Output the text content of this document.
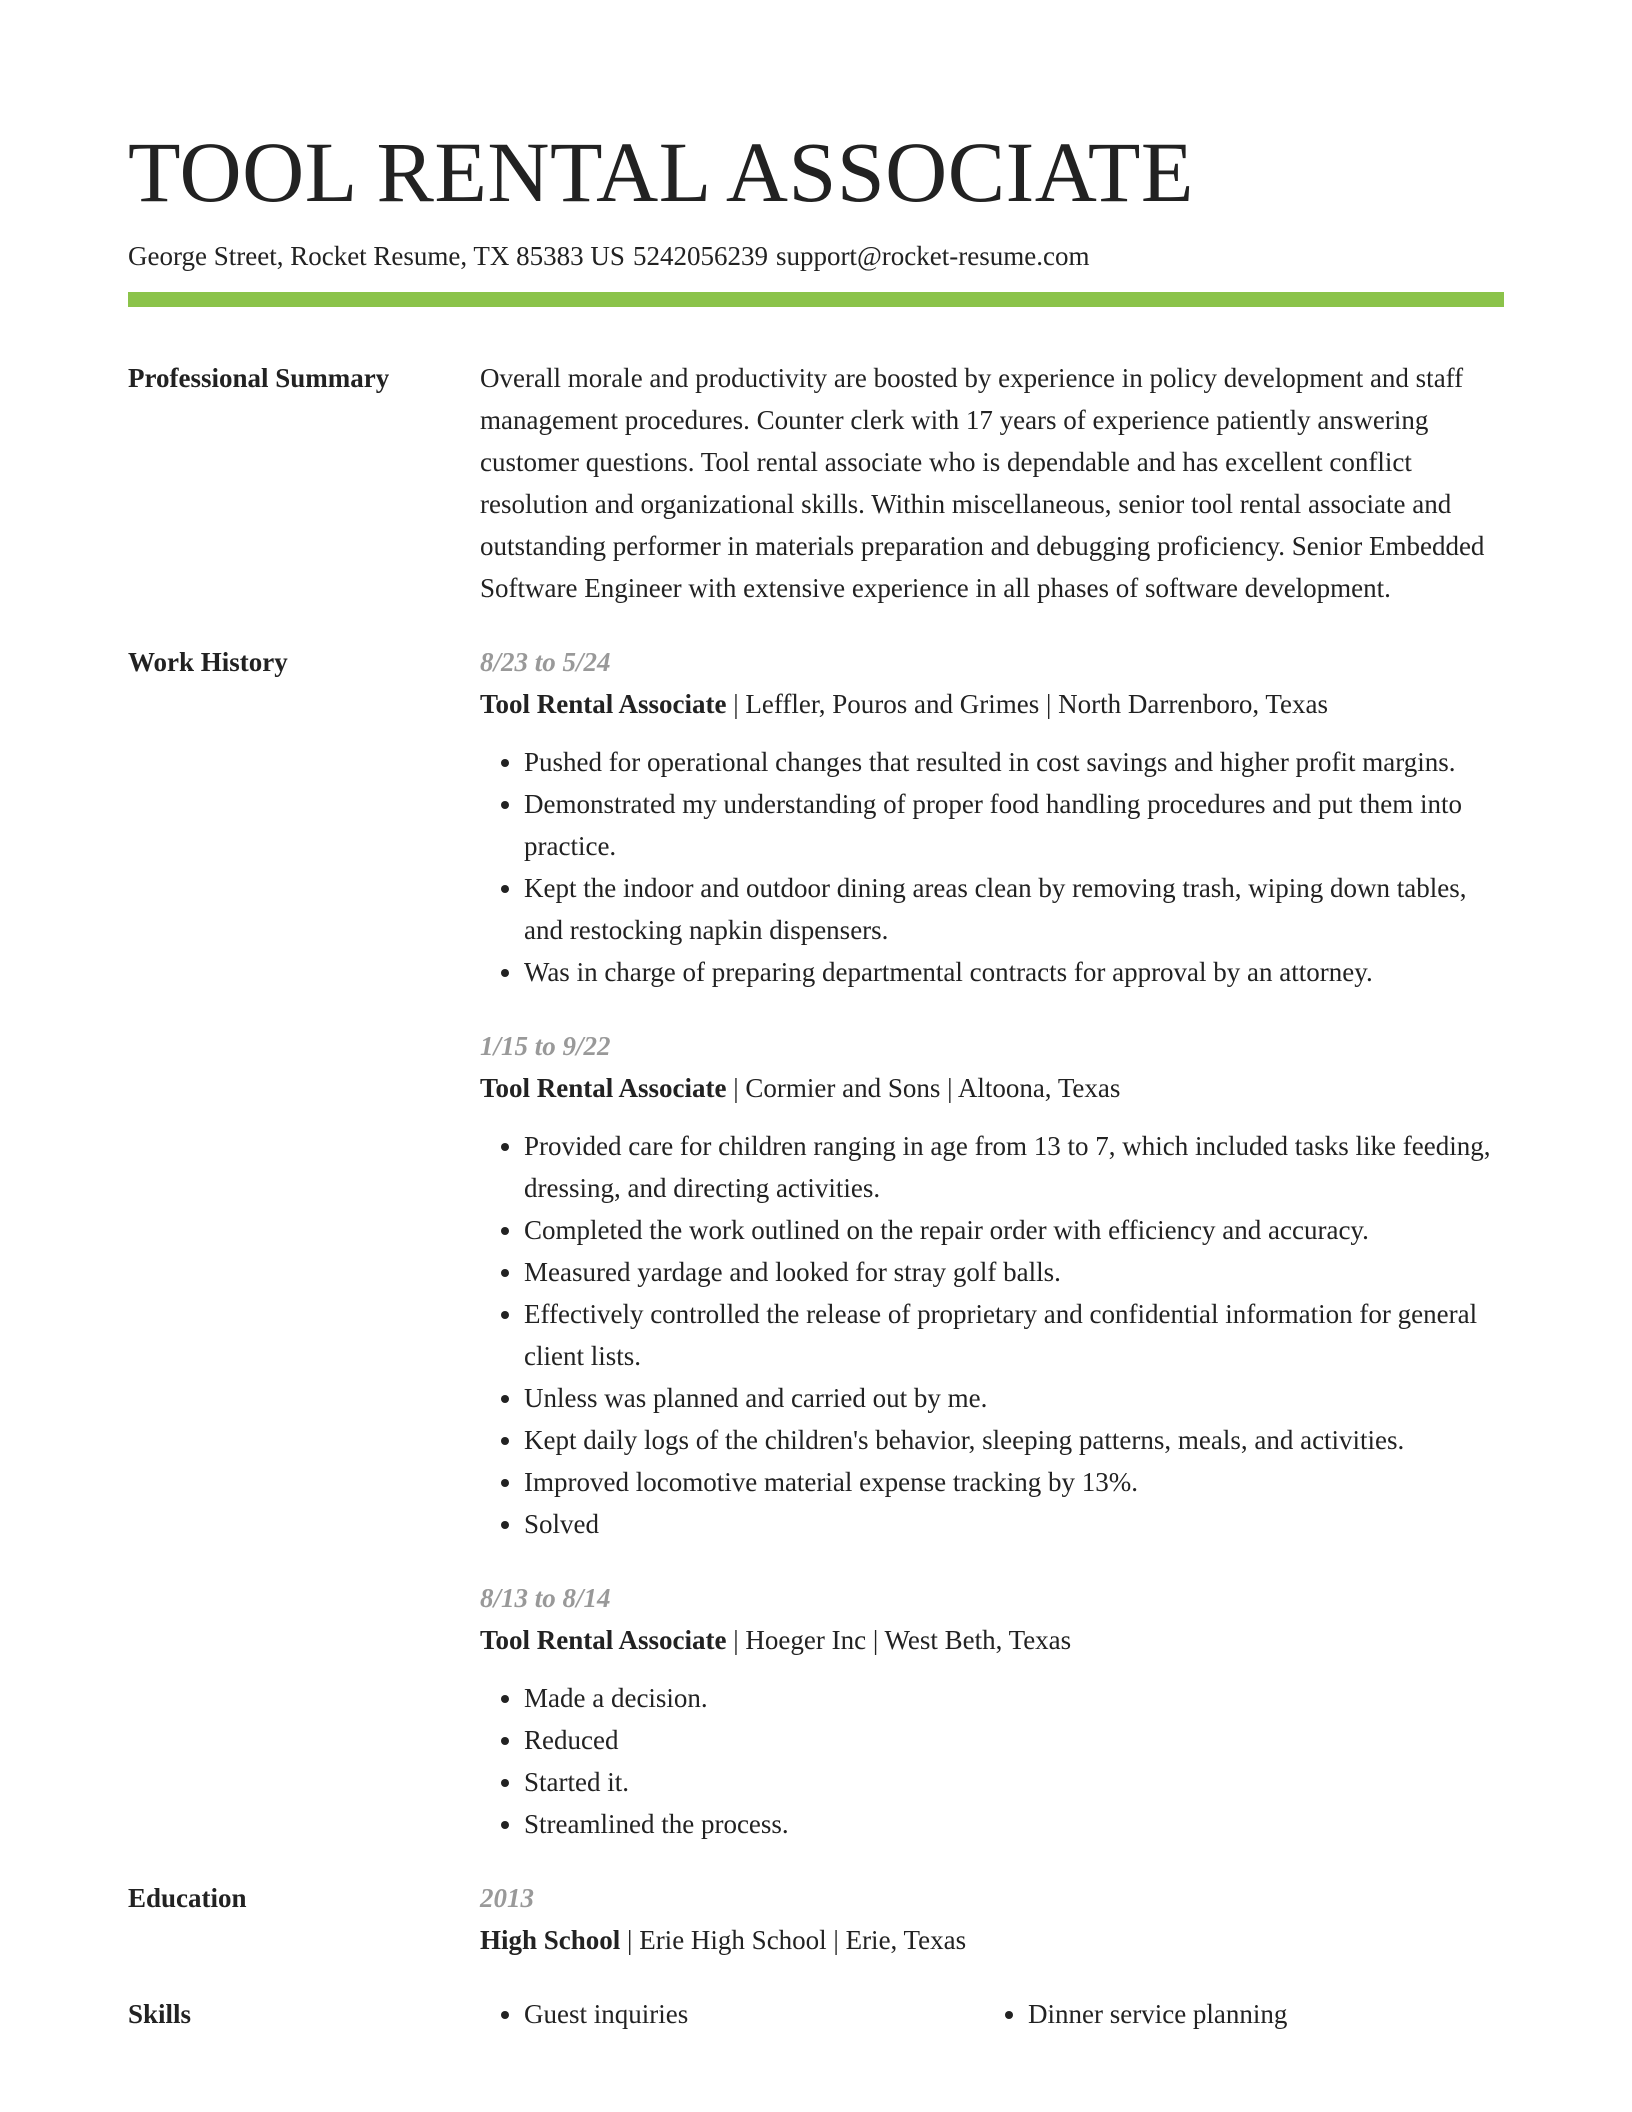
TOOL RENTAL ASSOCIATE
George Street, Rocket Resume, TX 85383 US 5242056239 support@rocket-resume.com
Professional Summary	Overall morale and productivity are boosted by experience in policy development and staff management procedures. Counter clerk with 17 years of experience patiently answering customer questions. Tool rental associate who is dependable and has excellent conflict resolution and organizational skills. Within miscellaneous, senior tool rental associate and outstanding performer in materials preparation and debugging proficiency. Senior Embedded Software Engineer with extensive experience in all phases of software development.
Work History	8/23 to 5/24
Tool Rental Associate | Leffler, Pouros and Grimes | North Darrenboro, Texas
• Pushed for operational changes that resulted in cost savings and higher profit margins.
• Demonstrated my understanding of proper food handling procedures and put them into practice.
• Kept the indoor and outdoor dining areas clean by removing trash, wiping down tables, and restocking napkin dispensers.
• Was in charge of preparing departmental contracts for approval by an attorney.
1/15 to 9/22
Tool Rental Associate | Cormier and Sons | Altoona, Texas
• Provided care for children ranging in age from 13 to 7, which included tasks like feeding, dressing, and directing activities.
• Completed the work outlined on the repair order with efficiency and accuracy.
• Measured yardage and looked for stray golf balls.
• Effectively controlled the release of proprietary and confidential information for general client lists.
• Unless was planned and carried out by me.
• Kept daily logs of the children's behavior, sleeping patterns, meals, and activities.
• Improved locomotive material expense tracking by 13%.
• Solved
8/13 to 8/14
Tool Rental Associate | Hoeger Inc | West Beth, Texas
• Made a decision.
• Reduced
• Started it.
• Streamlined the process.
Education	2013
High School | Erie High School | Erie, Texas
Skills	• Guest inquiries	• Dinner service planning
